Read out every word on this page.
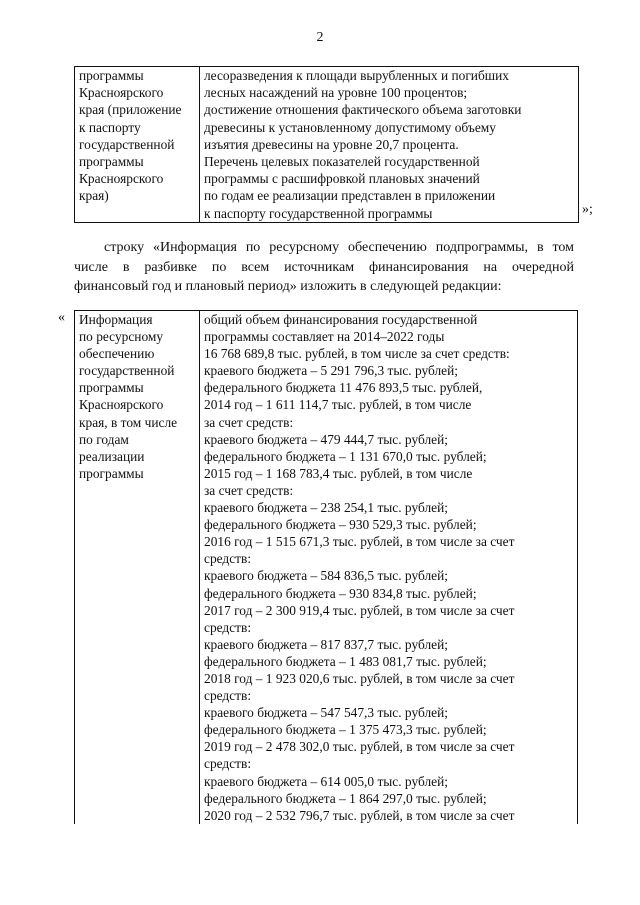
2
программы
Красноярского
края (приложение
к паспорту
государственной
программы
Красноярского
края)

лесоразведения к площади вырубленных и погибших
лесных насаждений на уровне 100 процентов;
достижение отношения фактического объема заготовки
древесины к установленному допустимому объему
изъятия древесины на уровне 20,7 процента.
Перечень целевых показателей государственной
программы с расшифровкой плановых значений
по годам ее реализации представлен в приложении
к паспорту государственной программы	»;
строку «Информация по ресурсному обеспечению подпрограммы, в том
числе в разбивке по всем источникам финансирования на очередной
финансовый год и плановый период» изложить в следующей редакции:
« Информация
по ресурсному
обеспечению
государственной
программы
Красноярского
края, в том числе
по годам
реализации
программы

общий объем финансирования государственной
программы составляет на 2014–2022 годы
16 768 689,8 тыс. рублей, в том числе за счет средств:
краевого бюджета – 5 291 796,3 тыс. рублей;
федерального бюджета 11 476 893,5 тыс. рублей,
2014 год – 1 611 114,7 тыс. рублей, в том числе
за счет средств:
краевого бюджета – 479 444,7 тыс. рублей;
федерального бюджета – 1 131 670,0 тыс. рублей;
2015 год – 1 168 783,4 тыс. рублей, в том числе
за счет средств:
краевого бюджета – 238 254,1 тыс. рублей;
федерального бюджета – 930 529,3 тыс. рублей;
2016 год – 1 515 671,3 тыс. рублей, в том числе за счет
средств:
краевого бюджета – 584 836,5 тыс. рублей;
федерального бюджета – 930 834,8 тыс. рублей;
2017 год – 2 300 919,4 тыс. рублей, в том числе за счет
средств:
краевого бюджета – 817 837,7 тыс. рублей;
федерального бюджета – 1 483 081,7 тыс. рублей;
2018 год – 1 923 020,6 тыс. рублей, в том числе за счет
средств:
краевого бюджета – 547 547,3 тыс. рублей;
федерального бюджета – 1 375 473,3 тыс. рублей;
2019 год – 2 478 302,0 тыс. рублей, в том числе за счет
средств:
краевого бюджета – 614 005,0 тыс. рублей;
федерального бюджета – 1 864 297,0 тыс. рублей;
2020 год – 2 532 796,7 тыс. рублей, в том числе за счет
